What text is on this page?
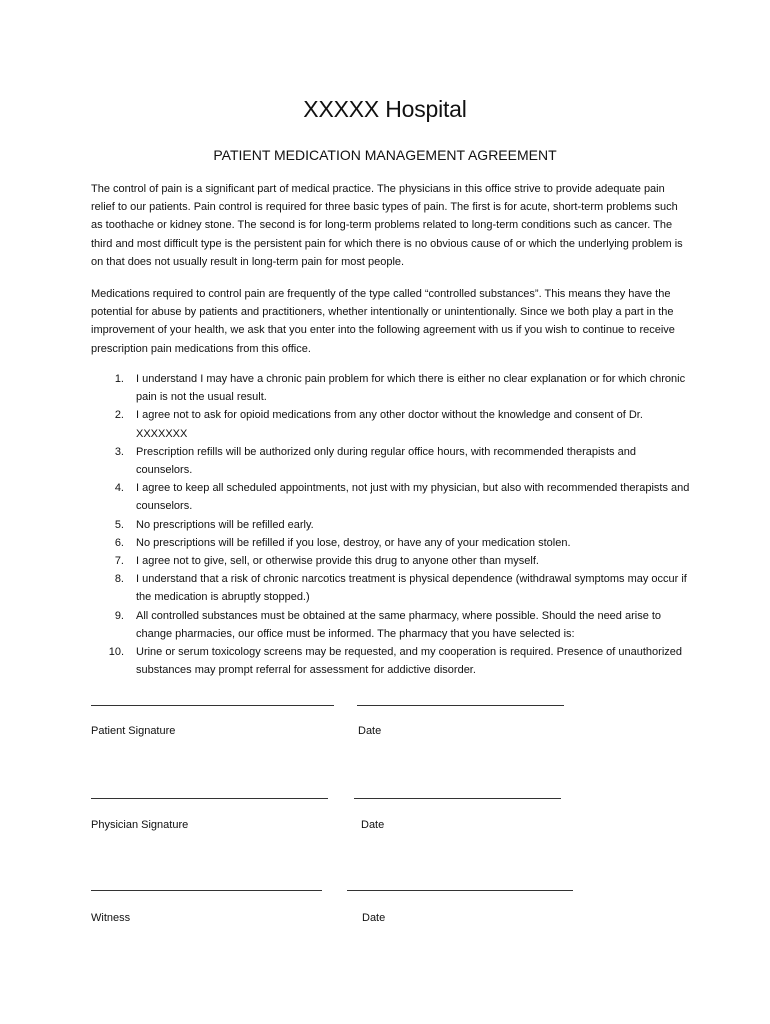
XXXXX Hospital
PATIENT MEDICATION MANAGEMENT AGREEMENT

The control of pain is a significant part of medical practice. The physicians in this office strive to provide adequate pain relief to our patients. Pain control is required for three basic types of pain. The first is for acute, short-term problems such as toothache or kidney stone. The second is for long-term problems related to long-term conditions such as cancer. The third and most difficult type is the persistent pain for which there is no obvious cause of or which the underlying problem is on that does not usually result in long-term pain for most people.

Medications required to control pain are frequently of the type called “controlled substances”. This means they have the potential for abuse by patients and practitioners, whether intentionally or unintentionally. Since we both play a part in the improvement of your health, we ask that you enter into the following agreement with us if you wish to continue to receive prescription pain medications from this office.

1. I understand I may have a chronic pain problem for which there is either no clear explanation or for which chronic pain is not the usual result.
2. I agree not to ask for opioid medications from any other doctor without the knowledge and consent of Dr. XXXXXXX
3. Prescription refills will be authorized only during regular office hours, with recommended therapists and counselors.
4. I agree to keep all scheduled appointments, not just with my physician, but also with recommended therapists and counselors.
5. No prescriptions will be refilled early.
6. No prescriptions will be refilled if you lose, destroy, or have any of your medication stolen.
7. I agree not to give, sell, or otherwise provide this drug to anyone other than myself.
8. I understand that a risk of chronic narcotics treatment is physical dependence (withdrawal symptoms may occur if the medication is abruptly stopped.)
9. All controlled substances must be obtained at the same pharmacy, where possible. Should the need arise to change pharmacies, our office must be informed. The pharmacy that you have selected is:
10. Urine or serum toxicology screens may be requested, and my cooperation is required. Presence of unauthorized substances may prompt referral for assessment for addictive disorder.
Patient Signature	Date
Physician Signature	Date
Witness	Date
